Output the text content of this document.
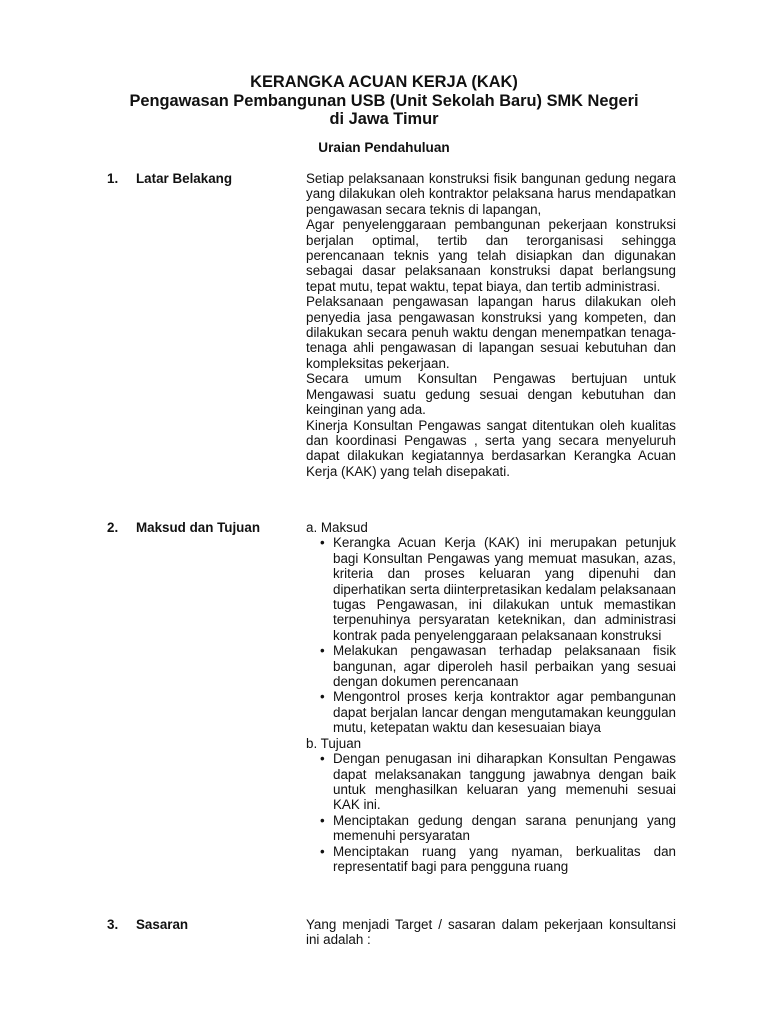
KERANGKA ACUAN KERJA (KAK)
Pengawasan Pembangunan USB (Unit Sekolah Baru) SMK Negeri
di Jawa Timur
Uraian Pendahuluan
1. Latar Belakang	Setiap pelaksanaan konstruksi fisik bangunan gedung negara yang dilakukan oleh kontraktor pelaksana harus mendapatkan pengawasan secara teknis di lapangan,

Agar penyelenggaraan pembangunan pekerjaan konstruksi berjalan optimal, tertib dan terorganisasi sehingga perencanaan teknis yang telah disiapkan dan digunakan sebagai dasar pelaksanaan konstruksi dapat berlangsung tepat mutu, tepat waktu, tepat biaya, dan tertib administrasi.

Pelaksanaan pengawasan lapangan harus dilakukan oleh penyedia jasa pengawasan konstruksi yang kompeten, dan dilakukan secara penuh waktu dengan menempatkan tenaga-tenaga ahli pengawasan di lapangan sesuai kebutuhan dan kompleksitas pekerjaan.

Secara umum Konsultan Pengawas bertujuan untuk Mengawasi suatu gedung sesuai dengan kebutuhan dan keinginan yang ada.

Kinerja Konsultan Pengawas sangat ditentukan oleh kualitas dan koordinasi Pengawas , serta yang secara menyeluruh dapat dilakukan kegiatannya berdasarkan Kerangka Acuan Kerja (KAK) yang telah disepakati.

2. Maksud dan Tujuan	a. Maksud
• Kerangka Acuan Kerja (KAK) ini merupakan petunjuk bagi Konsultan Pengawas yang memuat masukan, azas, kriteria dan proses keluaran yang dipenuhi dan diperhatikan serta diinterpretasikan kedalam pelaksanaan tugas Pengawasan, ini dilakukan untuk memastikan terpenuhinya persyaratan keteknikan, dan administrasi kontrak pada penyelenggaraan pelaksanaan konstruksi
• Melakukan pengawasan terhadap pelaksanaan fisik bangunan, agar diperoleh hasil perbaikan yang sesuai dengan dokumen perencanaan
• Mengontrol proses kerja kontraktor agar pembangunan dapat berjalan lancar dengan mengutamakan keunggulan mutu, ketepatan waktu dan kesesuaian biaya
b. Tujuan
• Dengan penugasan ini diharapkan Konsultan Pengawas dapat melaksanakan tanggung jawabnya dengan baik untuk menghasilkan keluaran yang memenuhi sesuai KAK ini.
• Menciptakan gedung dengan sarana penunjang yang memenuhi persyaratan
• Menciptakan ruang yang nyaman, berkualitas dan representatif bagi para pengguna ruang
3. Sasaran	Yang menjadi Target / sasaran dalam pekerjaan konsultansi ini adalah :
